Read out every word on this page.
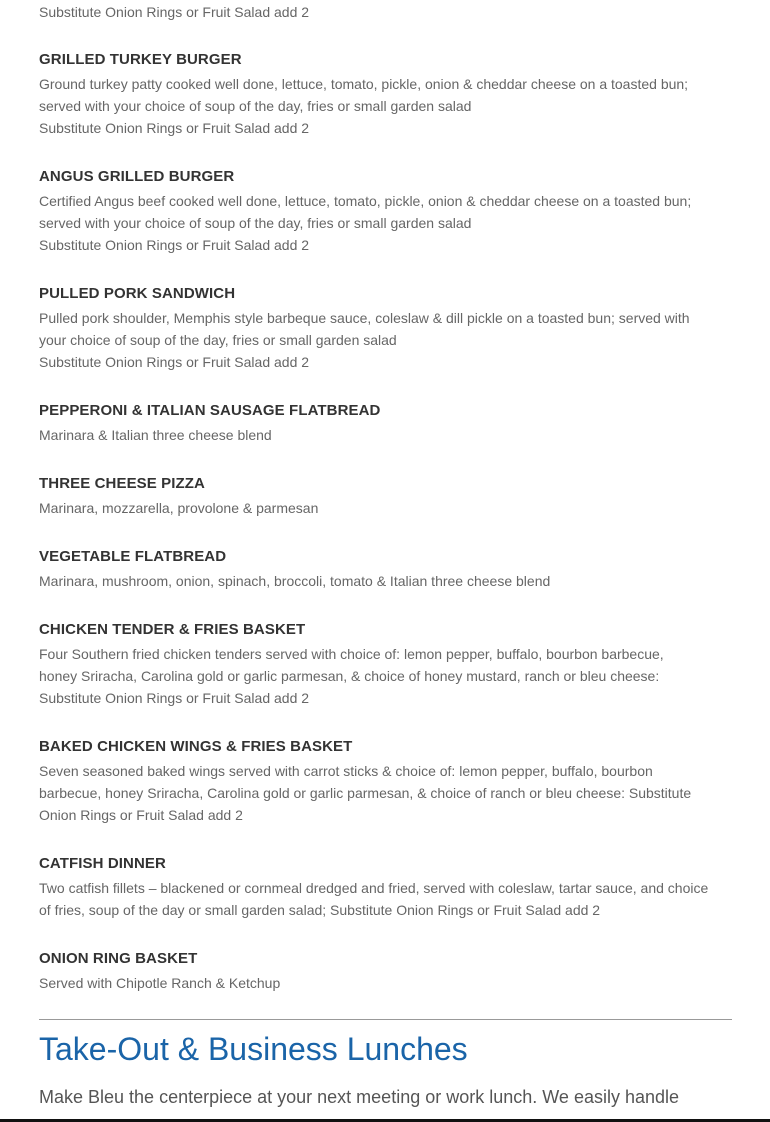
Substitute Onion Rings or Fruit Salad add 2

GRILLED TURKEY BURGER

Ground turkey patty cooked well done, lettuce, tomato, pickle, onion & cheddar cheese on a toasted bun;
served with your choice of soup of the day, fries or small garden salad
Substitute Onion Rings or Fruit Salad add 2

ANGUS GRILLED BURGER

Certified Angus beef cooked well done, lettuce, tomato, pickle, onion & cheddar cheese on a toasted bun;
served with your choice of soup of the day, fries or small garden salad
Substitute Onion Rings or Fruit Salad add 2

PULLED PORK SANDWICH

Pulled pork shoulder, Memphis style barbeque sauce, coleslaw & dill pickle on a toasted bun; served with
your choice of soup of the day, fries or small garden salad
Substitute Onion Rings or Fruit Salad add 2

PEPPERONI & ITALIAN SAUSAGE FLATBREAD

Marinara & Italian three cheese blend

THREE CHEESE PIZZA

Marinara, mozzarella, provolone & parmesan

VEGETABLE FLATBREAD

Marinara, mushroom, onion, spinach, broccoli, tomato & Italian three cheese blend

CHICKEN TENDER & FRIES BASKET

Four Southern fried chicken tenders served with choice of: lemon pepper, buffalo, bourbon barbecue,
honey Sriracha, Carolina gold or garlic parmesan, & choice of honey mustard, ranch or bleu cheese:
Substitute Onion Rings or Fruit Salad add 2

BAKED CHICKEN WINGS & FRIES BASKET

Seven seasoned baked wings served with carrot sticks & choice of: lemon pepper, buffalo, bourbon
barbecue, honey Sriracha, Carolina gold or garlic parmesan, & choice of ranch or bleu cheese: Substitute
Onion Rings or Fruit Salad add 2

CATFISH DINNER

Two catfish fillets – blackened or cornmeal dredged and fried, served with coleslaw, tartar sauce, and choice
of fries, soup of the day or small garden salad; Substitute Onion Rings or Fruit Salad add 2

ONION RING BASKET

Served with Chipotle Ranch & Ketchup

Take-Out & Business Lunches

Make Bleu the centerpiece at your next meeting or work lunch. We easily handle
